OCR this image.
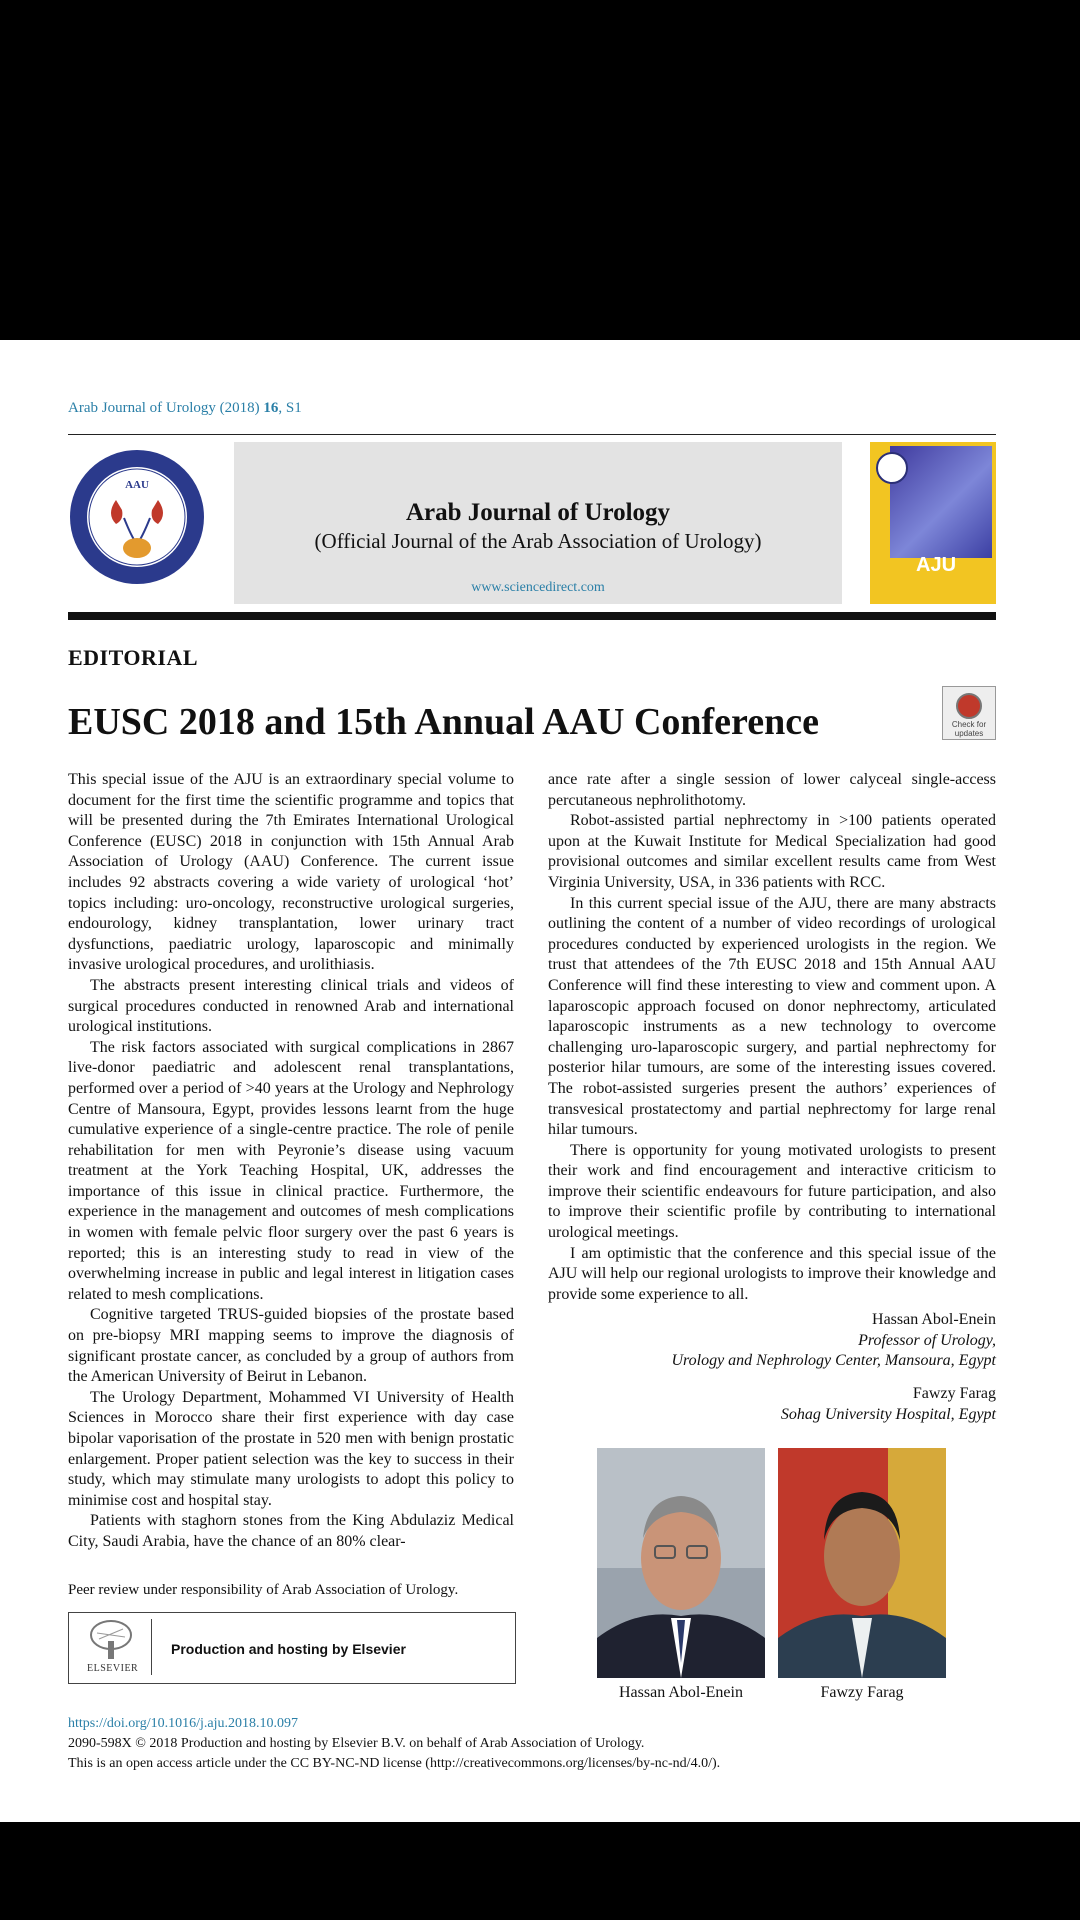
Arab Journal of Urology (2018) 16, S1
AAU
Arab Journal of Urology
(Official Journal of the Arab Association of Urology)
www.sciencedirect.com
AJU
EDITORIAL
EUSC 2018 and 15th Annual AAU Conference	Check for updates

This special issue of the AJU is an extraordinary special volume to document for the first time the scientific programme and topics that will be presented during the 7th Emirates International Urological Conference (EUSC) 2018 in conjunction with 15th Annual Arab Association of Urology (AAU) Conference. The current issue includes 92 abstracts covering a wide variety of urological ‘hot’ topics including: uro-oncology, reconstructive urological surgeries, endourology, kidney transplantation, lower urinary tract dysfunctions, paediatric urology, laparoscopic and minimally invasive urological procedures, and urolithiasis.

The abstracts present interesting clinical trials and videos of surgical procedures conducted in renowned Arab and international urological institutions.

The risk factors associated with surgical complications in 2867 live-donor paediatric and adolescent renal transplantations, performed over a period of >40 years at the Urology and Nephrology Centre of Mansoura, Egypt, provides lessons learnt from the huge cumulative experience of a single-centre practice. The role of penile rehabilitation for men with Peyronie’s disease using vacuum treatment at the York Teaching Hospital, UK, addresses the importance of this issue in clinical practice. Furthermore, the experience in the management and outcomes of mesh complications in women with female pelvic floor surgery over the past 6 years is reported; this is an interesting study to read in view of the overwhelming increase in public and legal interest in litigation cases related to mesh complications.

Cognitive targeted TRUS-guided biopsies of the prostate based on pre-biopsy MRI mapping seems to improve the diagnosis of significant prostate cancer, as concluded by a group of authors from the American University of Beirut in Lebanon.

The Urology Department, Mohammed VI University of Health Sciences in Morocco share their first experience with day case bipolar vaporisation of the prostate in 520 men with benign prostatic enlargement. Proper patient selection was the key to success in their study, which may stimulate many urologists to adopt this policy to minimise cost and hospital stay.

Patients with staghorn stones from the King Abdulaziz Medical City, Saudi Arabia, have the chance of an 80% clear-

ance rate after a single session of lower calyceal single-access percutaneous nephrolithotomy.

Robot-assisted partial nephrectomy in >100 patients operated upon at the Kuwait Institute for Medical Specialization had good provisional outcomes and similar excellent results came from West Virginia University, USA, in 336 patients with RCC.

In this current special issue of the AJU, there are many abstracts outlining the content of a number of video recordings of urological procedures conducted by experienced urologists in the region. We trust that attendees of the 7th EUSC 2018 and 15th Annual AAU Conference will find these interesting to view and comment upon. A laparoscopic approach focused on donor nephrectomy, articulated laparoscopic instruments as a new technology to overcome challenging uro-laparoscopic surgery, and partial nephrectomy for posterior hilar tumours, are some of the interesting issues covered. The robot-assisted surgeries present the authors’ experiences of transvesical prostatectomy and partial nephrectomy for large renal hilar tumours.

There is opportunity for young motivated urologists to present their work and find encouragement and interactive criticism to improve their scientific endeavours for future participation, and also to improve their scientific profile by contributing to international urological meetings.

I am optimistic that the conference and this special issue of the AJU will help our regional urologists to improve their knowledge and provide some experience to all.

Hassan Abol-Enein
Professor of Urology,
Urology and Nephrology Center, Mansoura, Egypt
Fawzy Farag
Sohag University Hospital, Egypt
Hassan Abol-Enein	Fawzy Farag
Peer review under responsibility of Arab Association of Urology.
ELSEVIER
Production and hosting by Elsevier
https://doi.org/10.1016/j.aju.2018.10.097
2090-598X © 2018 Production and hosting by Elsevier B.V. on behalf of Arab Association of Urology.
This is an open access article under the CC BY-NC-ND license (http://creativecommons.org/licenses/by-nc-nd/4.0/).
